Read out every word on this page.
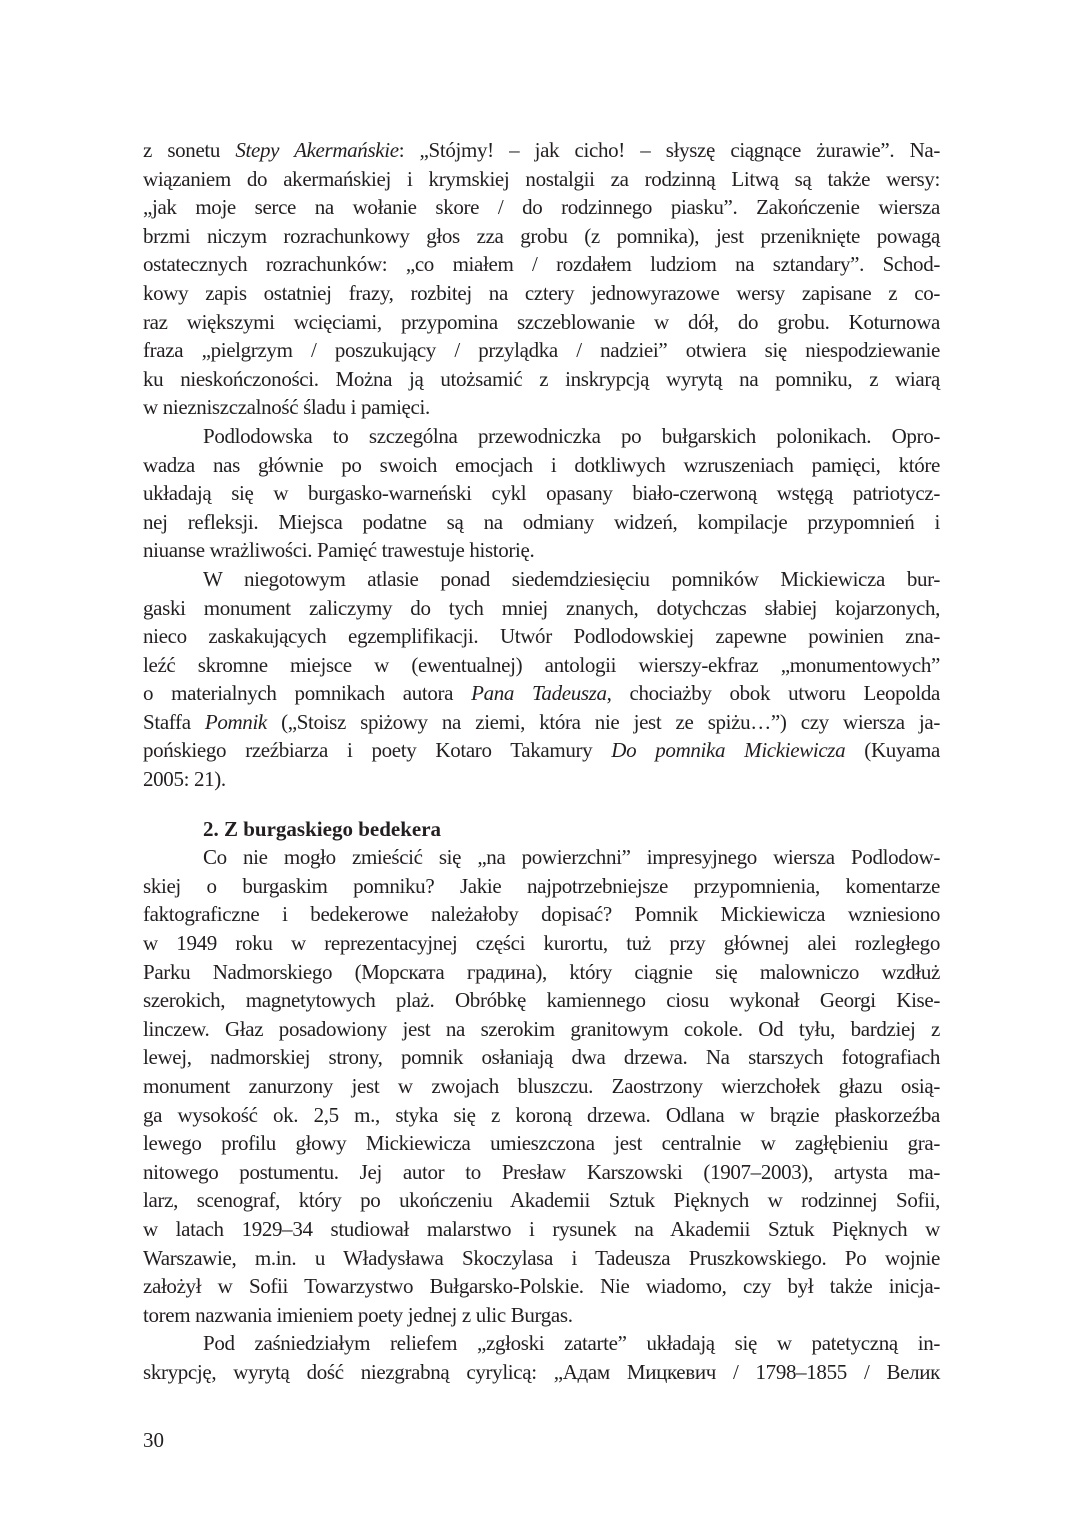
z sonetu Stepy Akermańskie: „Stójmy! – jak cicho! – słyszę ciągnące żurawie”. Na-
wiązaniem do akermańskiej i krymskiej nostalgii za rodzinną Litwą są także wersy:
„jak moje serce na wołanie skore / do rodzinnego piasku”. Zakończenie wiersza
brzmi niczym rozrachunkowy głos zza grobu (z pomnika), jest przeniknięte powagą
ostatecznych rozrachunków: „co miałem / rozdałem ludziom na sztandary”. Schod-
kowy zapis ostatniej frazy, rozbitej na cztery jednowyrazowe wersy zapisane z co-
raz większymi wcięciami, przypomina szczeblowanie w dół, do grobu. Koturnowa
fraza „pielgrzym / poszukujący / przylądka / nadziei” otwiera się niespodziewanie
ku nieskończoności. Można ją utożsamić z inskrypcją wyrytą na pomniku, z wiarą
w niezniszczalność śladu i pamięci.
Podlodowska to szczególna przewodniczka po bułgarskich polonikach. Opro-
wadza nas głównie po swoich emocjach i dotkliwych wzruszeniach pamięci, które
układają się w burgasko-warneński cykl opasany biało-czerwoną wstęgą patriotycz-
nej refleksji. Miejsca podatne są na odmiany widzeń, kompilacje przypomnień i
niuanse wrażliwości. Pamięć trawestuje historię.
W niegotowym atlasie ponad siedemdziesięciu pomników Mickiewicza bur-
gaski monument zaliczymy do tych mniej znanych, dotychczas słabiej kojarzonych,
nieco zaskakujących egzemplifikacji. Utwór Podlodowskiej zapewne powinien zna-
leźć skromne miejsce w (ewentualnej) antologii wierszy-ekfraz „monumentowych”
o materialnych pomnikach autora Pana Tadeusza, chociażby obok utworu Leopolda
Staffa Pomnik („Stoisz spiżowy na ziemi, która nie jest ze spiżu…”) czy wiersza ja-
pońskiego rzeźbiarza i poety Kotaro Takamury Do pomnika Mickiewicza (Kuyama
2005: 21).
2. Z burgaskiego bedekera
Co nie mogło zmieścić się „na powierzchni” impresyjnego wiersza Podlodow-
skiej o burgaskim pomniku? Jakie najpotrzebniejsze przypomnienia, komentarze
faktograficzne i bedekerowe należałoby dopisać? Pomnik Mickiewicza wzniesiono
w 1949 roku w reprezentacyjnej części kurortu, tuż przy głównej alei rozległego
Parku Nadmorskiego (Морската градина), który ciągnie się malowniczo wzdłuż
szerokich, magnetytowych plaż. Obróbkę kamiennego ciosu wykonał Georgi Kise-
linczew. Głaz posadowiony jest na szerokim granitowym cokole. Od tyłu, bardziej z
lewej, nadmorskiej strony, pomnik osłaniają dwa drzewa. Na starszych fotografiach
monument zanurzony jest w zwojach bluszczu. Zaostrzony wierzchołek głazu osią-
ga wysokość ok. 2,5 m., styka się z koroną drzewa. Odlana w brązie płaskorzeźba
lewego profilu głowy Mickiewicza umieszczona jest centralnie w zagłębieniu gra-
nitowego postumentu. Jej autor to Presław Karszowski (1907–2003), artysta ma-
larz, scenograf, który po ukończeniu Akademii Sztuk Pięknych w rodzinnej Sofii,
w latach 1929–34 studiował malarstwo i rysunek na Akademii Sztuk Pięknych w
Warszawie, m.in. u Władysława Skoczylasa i Tadeusza Pruszkowskiego. Po wojnie
założył w Sofii Towarzystwo Bułgarsko-Polskie. Nie wiadomo, czy był także inicja-
torem nazwania imieniem poety jednej z ulic Burgas.
Pod zaśniedziałym reliefem „zgłoski zatarte” układają się w patetyczną in-
skrypcję, wyrytą dość niezgrabną cyrylicą: „Адам Мицкевич / 1798–1855 / Велик
30
